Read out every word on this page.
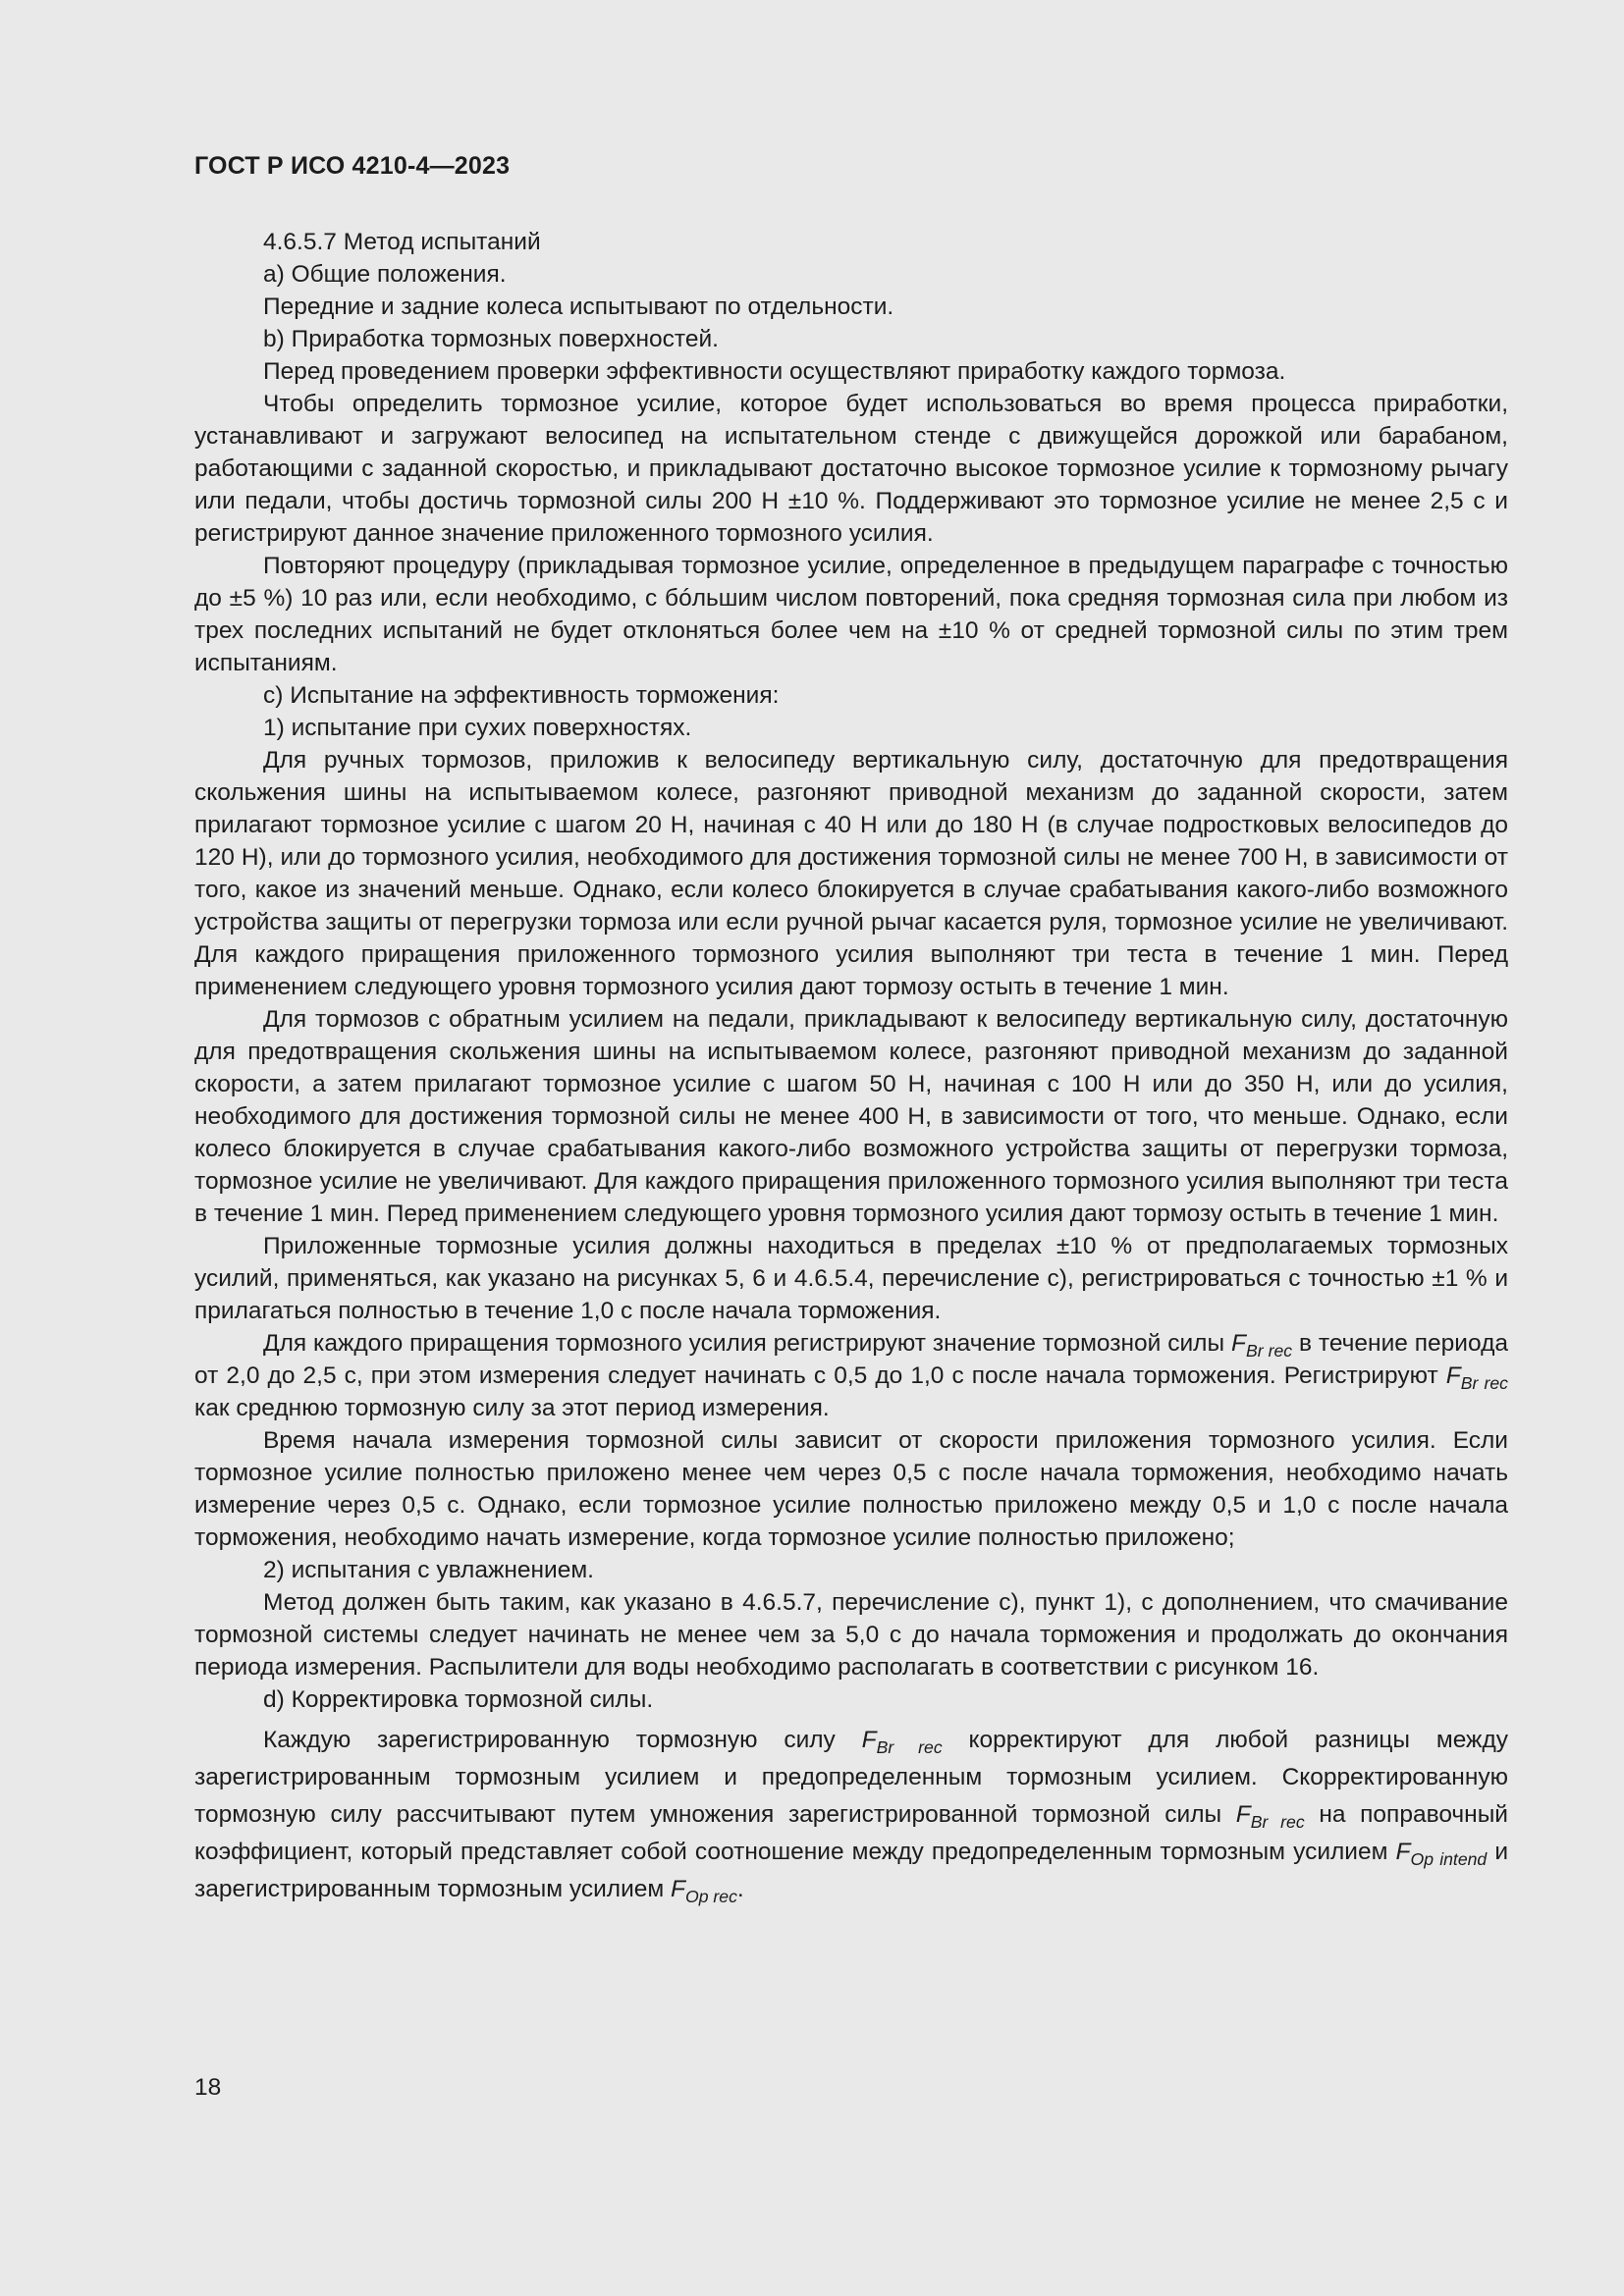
ГОСТ Р ИСО 4210-4—2023

4.6.5.7 Метод испытаний

a) Общие положения.

Передние и задние колеса испытывают по отдельности.

b) Приработка тормозных поверхностей.

Перед проведением проверки эффективности осуществляют приработку каждого тормоза.

Чтобы определить тормозное усилие, которое будет использоваться во время процесса приработки, устанавливают и загружают велосипед на испытательном стенде с движущейся дорожкой или барабаном, работающими с заданной скоростью, и прикладывают достаточно высокое тормозное усилие к тормозному рычагу или педали, чтобы достичь тормозной силы 200 Н ±10 %. Поддерживают это тормозное усилие не менее 2,5 с и регистрируют данное значение приложенного тормозного усилия.

Повторяют процедуру (прикладывая тормозное усилие, определенное в предыдущем параграфе с точностью до ±5 %) 10 раз или, если необходимо, с бóльшим числом повторений, пока средняя тормозная сила при любом из трех последних испытаний не будет отклоняться более чем на ±10 % от средней тормозной силы по этим трем испытаниям.

c) Испытание на эффективность торможения:

1) испытание при сухих поверхностях.

Для ручных тормозов, приложив к велосипеду вертикальную силу, достаточную для предотвращения скольжения шины на испытываемом колесе, разгоняют приводной механизм до заданной скорости, затем прилагают тормозное усилие с шагом 20 Н, начиная с 40 Н или до 180 Н (в случае подростковых велосипедов до 120 Н), или до тормозного усилия, необходимого для достижения тормозной силы не менее 700 Н, в зависимости от того, какое из значений меньше. Однако, если колесо блокируется в случае срабатывания какого-либо возможного устройства защиты от перегрузки тормоза или если ручной рычаг касается руля, тормозное усилие не увеличивают. Для каждого приращения приложенного тормозного усилия выполняют три теста в течение 1 мин. Перед применением следующего уровня тормозного усилия дают тормозу остыть в течение 1 мин.

Для тормозов с обратным усилием на педали, прикладывают к велосипеду вертикальную силу, достаточную для предотвращения скольжения шины на испытываемом колесе, разгоняют приводной механизм до заданной скорости, а затем прилагают тормозное усилие с шагом 50 Н, начиная с 100 Н или до 350 Н, или до усилия, необходимого для достижения тормозной силы не менее 400 Н, в зависимости от того, что меньше. Однако, если колесо блокируется в случае срабатывания какого-либо возможного устройства защиты от перегрузки тормоза, тормозное усилие не увеличивают. Для каждого приращения приложенного тормозного усилия выполняют три теста в течение 1 мин. Перед применением следующего уровня тормозного усилия дают тормозу остыть в течение 1 мин.

Приложенные тормозные усилия должны находиться в пределах ±10 % от предполагаемых тормозных усилий, применяться, как указано на рисунках 5, 6 и 4.6.5.4, перечисление c), регистрироваться с точностью ±1 % и прилагаться полностью в течение 1,0 с после начала торможения.

Для каждого приращения тормозного усилия регистрируют значение тормозной силы $F_{Br rec}$ в течение периода от 2,0 до 2,5 с, при этом измерения следует начинать с 0,5 до 1,0 с после начала торможения. Регистрируют $F_{Br rec}$ как среднюю тормозную силу за этот период измерения.

Время начала измерения тормозной силы зависит от скорости приложения тормозного усилия. Если тормозное усилие полностью приложено менее чем через 0,5 с после начала торможения, необходимо начать измерение через 0,5 с. Однако, если тормозное усилие полностью приложено между 0,5 и 1,0 с после начала торможения, необходимо начать измерение, когда тормозное усилие полностью приложено;

2) испытания с увлажнением.

Метод должен быть таким, как указано в 4.6.5.7, перечисление c), пункт 1), с дополнением, что смачивание тормозной системы следует начинать не менее чем за 5,0 с до начала торможения и продолжать до окончания периода измерения. Распылители для воды необходимо располагать в соответствии с рисунком 16.

d) Корректировка тормозной силы.

Каждую зарегистрированную тормозную силу $F_{Br rec}$ корректируют для любой разницы между зарегистрированным тормозным усилием и предопределенным тормозным усилием. Скорректированную тормозную силу рассчитывают путем умножения зарегистрированной тормозной силы $F_{Br rec}$ на поправочный коэффициент, который представляет собой соотношение между предопределенным тормозным усилием $F_{Op intend}$ и зарегистрированным тормозным усилием $F_{Op rec}$.

18
